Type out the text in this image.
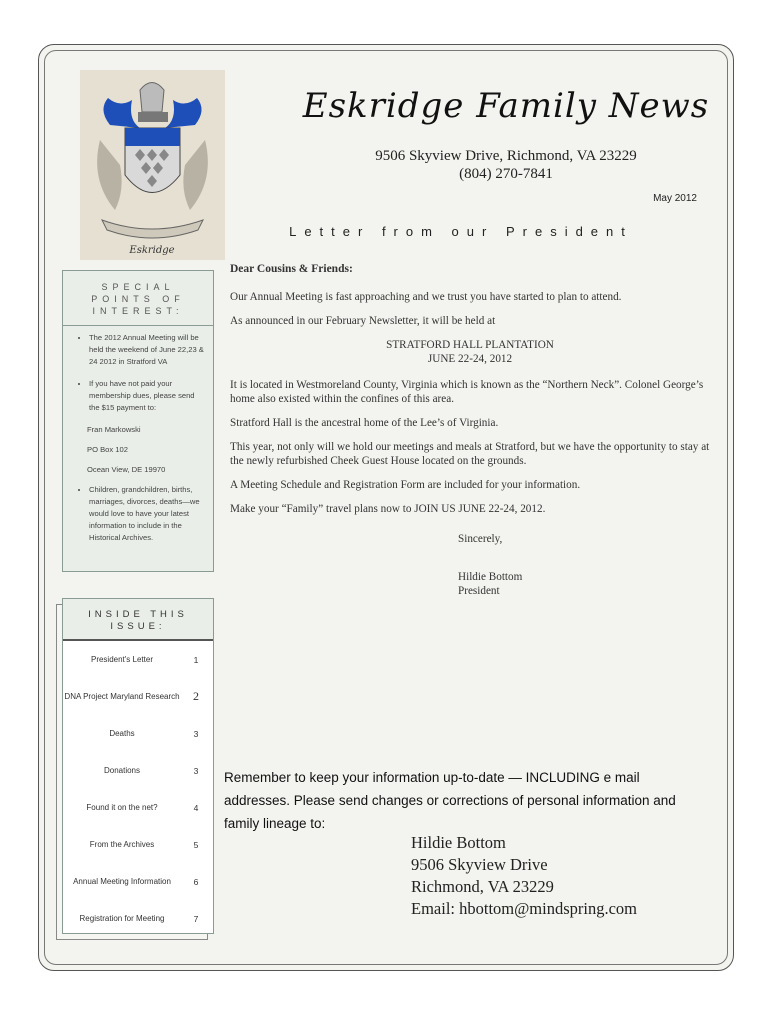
Eskridge
Eskridge Family News
9506 Skyview Drive, Richmond, VA 23229
(804) 270-7841
May 2012
Letter from our President
SPECIAL POINTS OF INTEREST:
• The 2012 Annual Meeting will be held the weekend of June 22,23 & 24 2012 in Stratford VA
• If you have not paid your membership dues, please send the $15 payment to:
Fran Markowski
PO Box 102
Ocean View, DE 19970
• Children, grandchildren, births, marriages, divorces, deaths—we would love to have your latest information to include in the Historical Archives.
INSIDE THIS ISSUE:
President's Letter	1
DNA Project Maryland Research	2
Deaths	3
Donations	3
Found it on the net?	4
From the Archives	5
Annual Meeting Information	6
Registration for Meeting	7

Dear Cousins & Friends:

Our Annual Meeting is fast approaching and we trust you have started to plan to attend.

As announced in our February Newsletter, it will be held at

STRATFORD HALL PLANTATION

JUNE 22-24, 2012

It is located in Westmoreland County, Virginia which is known as the “Northern Neck”. Colonel George’s home also existed within the confines of this area.

Stratford Hall is the ancestral home of the Lee’s of Virginia.

This year, not only will we hold our meetings and meals at Stratford, but we have the opportunity to stay at the newly refurbished Cheek Guest House located on the grounds.

A Meeting Schedule and Registration Form are included for your information.

Make your “Family” travel plans now to JOIN US JUNE 22-24, 2012.

Sincerely,

Hildie Bottom

President

Remember to keep your information up-to-date — INCLUDING e mail addresses. Please send changes or corrections of personal information and family lineage to:
Hildie Bottom
9506 Skyview Drive
Richmond, VA 23229
Email: hbottom@mindspring.com
